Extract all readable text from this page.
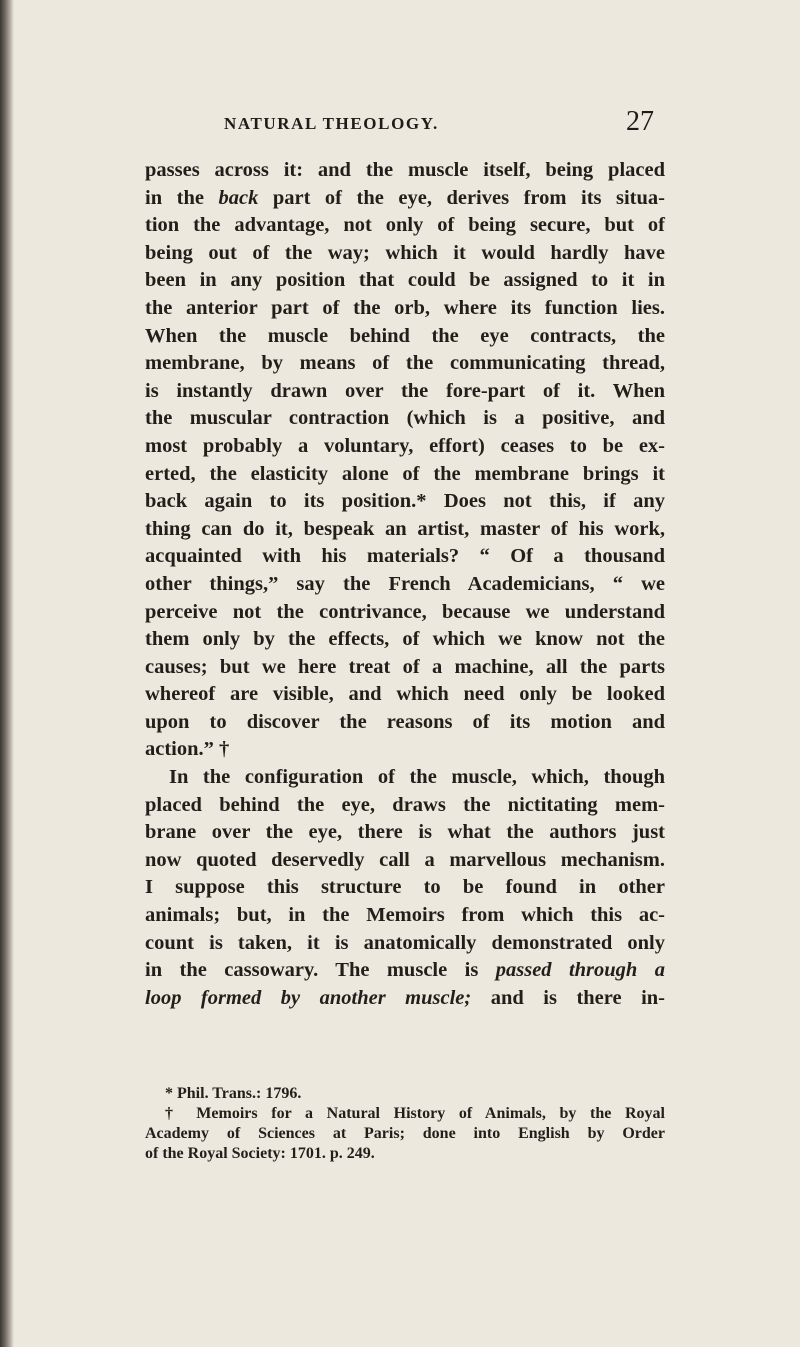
NATURAL THEOLOGY.	27
passes across it: and the muscle itself, being placed
in the back part of the eye, derives from its situa-
tion the advantage, not only of being secure, but of
being out of the way; which it would hardly have
been in any position that could be assigned to it in
the anterior part of the orb, where its function lies.
When the muscle behind the eye contracts, the
membrane, by means of the communicating thread,
is instantly drawn over the fore-part of it. When
the muscular contraction (which is a positive, and
most probably a voluntary, effort) ceases to be ex-
erted, the elasticity alone of the membrane brings it
back again to its position.* Does not this, if any
thing can do it, bespeak an artist, master of his work,
acquainted with his materials? “ Of a thousand
other things,” say the French Academicians, “ we
perceive not the contrivance, because we understand
them only by the effects, of which we know not the
causes; but we here treat of a machine, all the parts
whereof are visible, and which need only be looked
upon to discover the reasons of its motion and
action.” †
In the configuration of the muscle, which, though
placed behind the eye, draws the nictitating mem-
brane over the eye, there is what the authors just
now quoted deservedly call a marvellous mechanism.
I suppose this structure to be found in other
animals; but, in the Memoirs from which this ac-
count is taken, it is anatomically demonstrated only
in the cassowary. The muscle is passed through a
loop formed by another muscle; and is there in-
* Phil. Trans.: 1796.
† Memoirs for a Natural History of Animals, by the Royal
Academy of Sciences at Paris; done into English by Order
of the Royal Society: 1701. p. 249.
